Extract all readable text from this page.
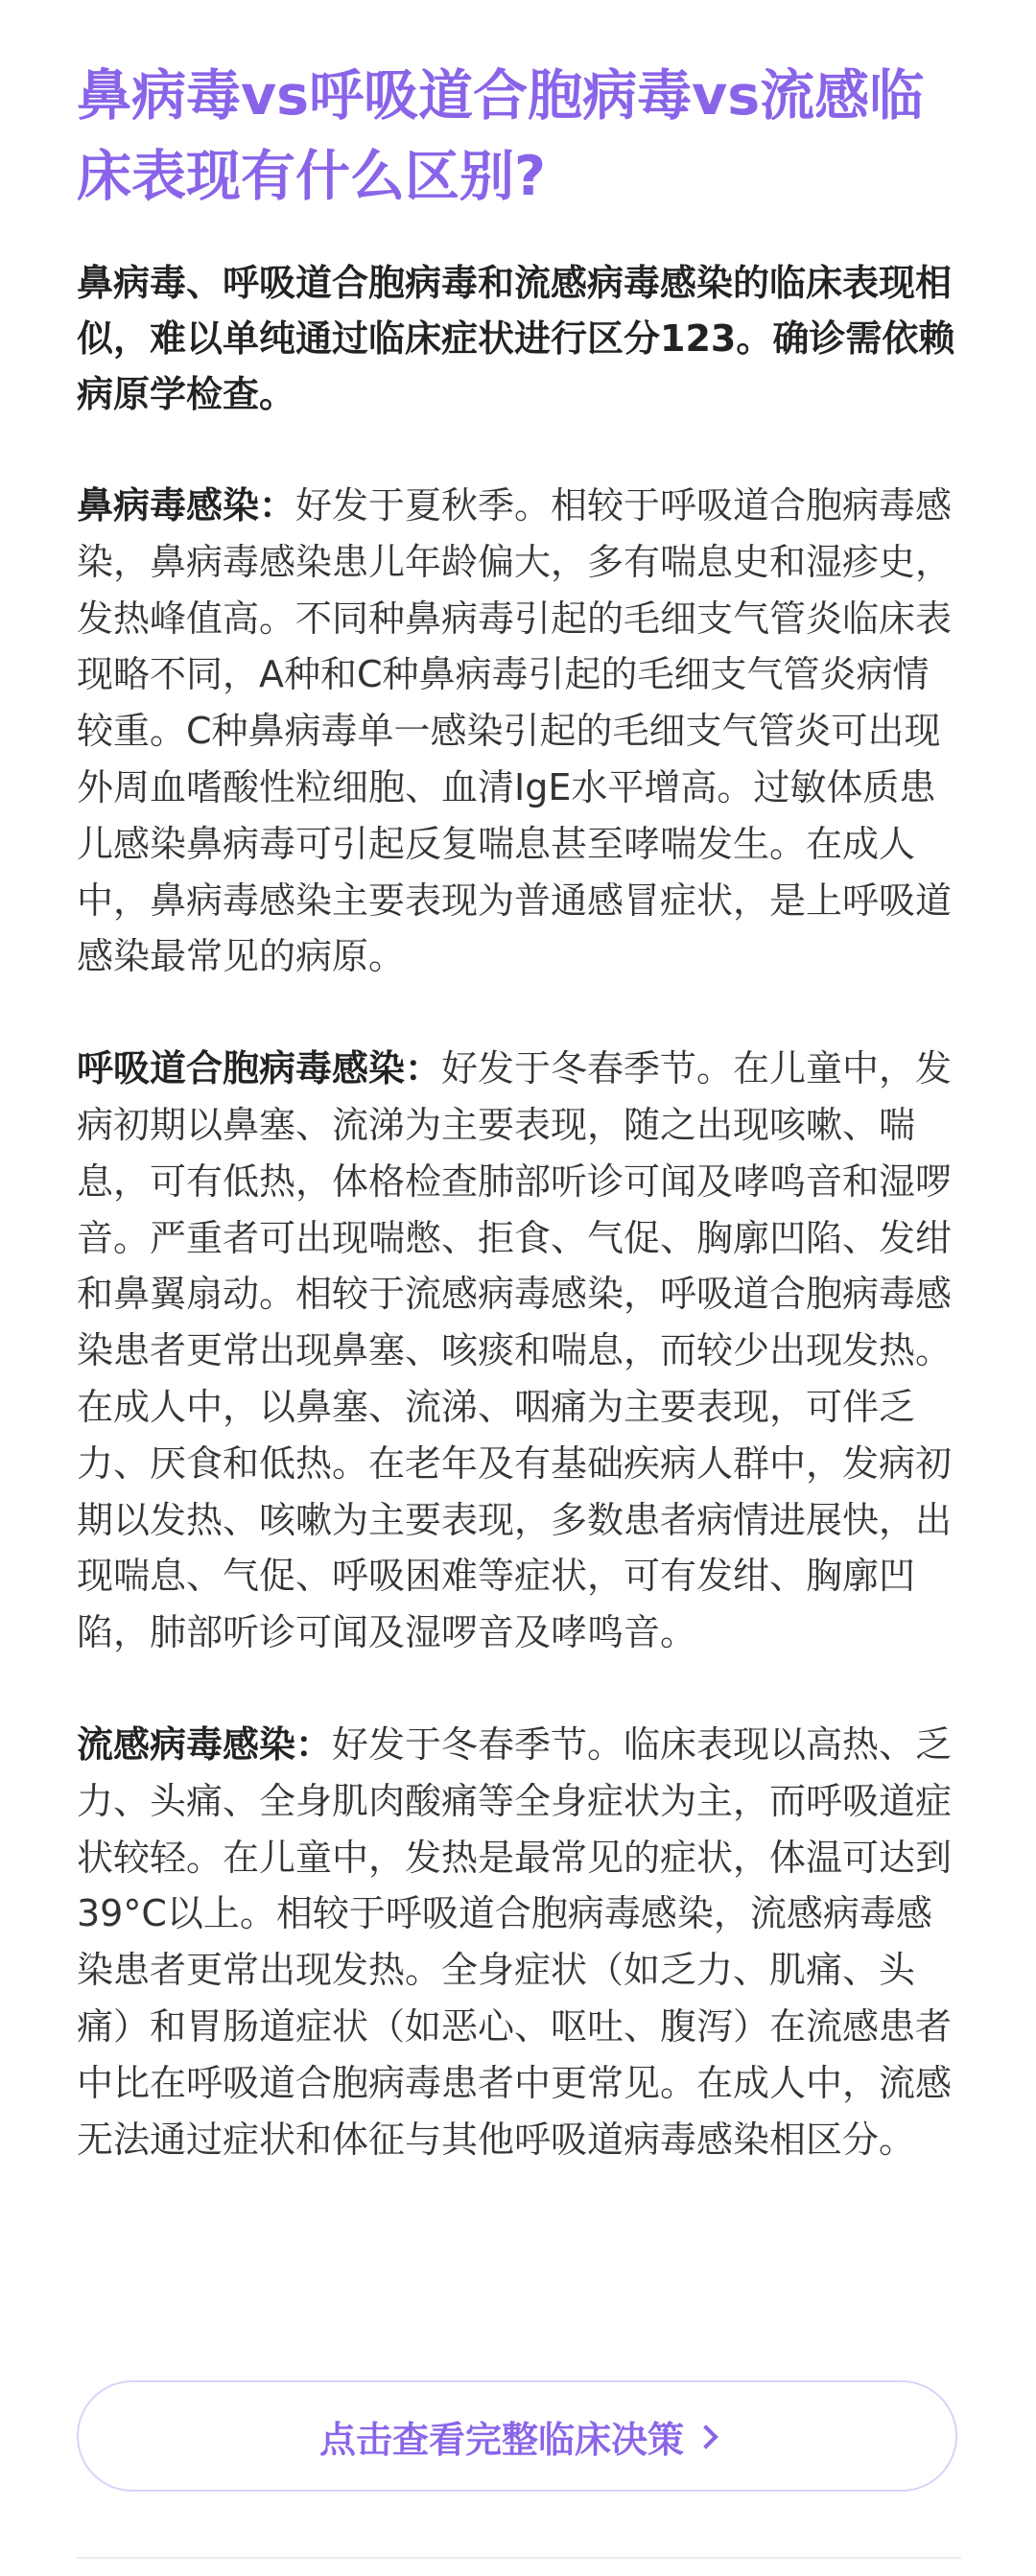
鼻病毒vs呼吸道合胞病毒vs流感临床表现有什么区别?

鼻病毒、呼吸道合胞病毒和流感病毒感染的临床表现相似，难以单纯通过临床症状进行区分123。确诊需依赖病原学检查。

鼻病毒感染：好发于夏秋季。相较于呼吸道合胞病毒感染，鼻病毒感染患儿年龄偏大，多有喘息史和湿疹史，发热峰值高。不同种鼻病毒引起的毛细支气管炎临床表现略不同，A种和C种鼻病毒引起的毛细支气管炎病情较重。C种鼻病毒单一感染引起的毛细支气管炎可出现外周血嗜酸性粒细胞、血清IgE水平增高。过敏体质患儿感染鼻病毒可引起反复喘息甚至哮喘发生。在成人中，鼻病毒感染主要表现为普通感冒症状，是上呼吸道感染最常见的病原。

呼吸道合胞病毒感染：好发于冬春季节。在儿童中，发病初期以鼻塞、流涕为主要表现，随之出现咳嗽、喘息，可有低热，体格检查肺部听诊可闻及哮鸣音和湿啰音。严重者可出现喘憋、拒食、气促、胸廓凹陷、发绀和鼻翼扇动。相较于流感病毒感染，呼吸道合胞病毒感染患者更常出现鼻塞、咳痰和喘息，而较少出现发热。在成人中，以鼻塞、流涕、咽痛为主要表现，可伴乏力、厌食和低热。在老年及有基础疾病人群中，发病初期以发热、咳嗽为主要表现，多数患者病情进展快，出现喘息、气促、呼吸困难等症状，可有发绀、胸廓凹陷，肺部听诊可闻及湿啰音及哮鸣音。

流感病毒感染：好发于冬春季节。临床表现以高热、乏力、头痛、全身肌肉酸痛等全身症状为主，而呼吸道症状较轻。在儿童中，发热是最常见的症状，体温可达到39°C以上。相较于呼吸道合胞病毒感染，流感病毒感染患者更常出现发热。全身症状（如乏力、肌痛、头痛）和胃肠道症状（如恶心、呕吐、腹泻）在流感患者中比在呼吸道合胞病毒患者中更常见。在成人中，流感无法通过症状和体征与其他呼吸道病毒感染相区分。

点击查看完整临床决策
